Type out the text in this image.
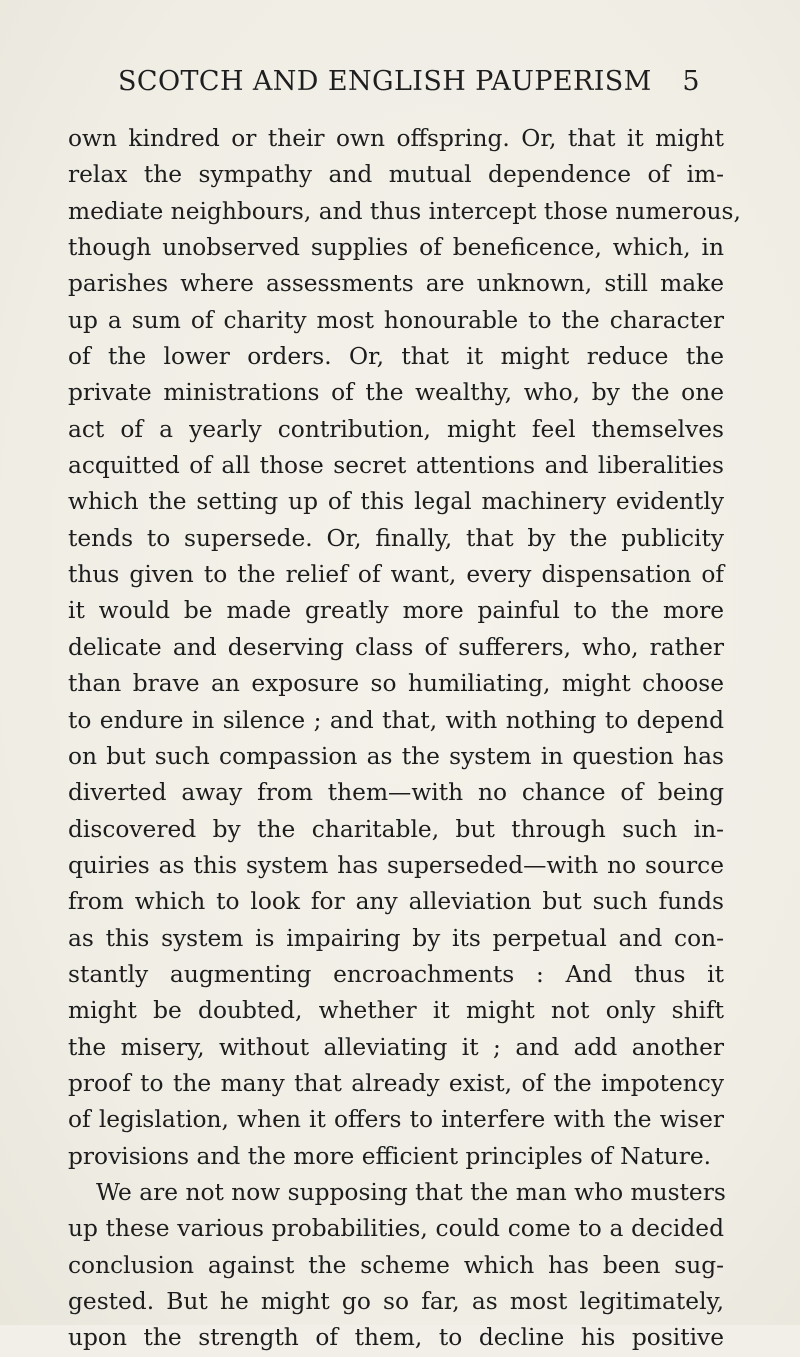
SCOTCH AND ENGLISH PAUPERISM 5
own kindred or their own offspring. Or, that it might
relax the sympathy and mutual dependence of im-
mediate neighbours, and thus intercept those numerous,
though unobserved supplies of beneficence, which, in
parishes where assessments are unknown, still make
up a sum of charity most honourable to the character
of the lower orders. Or, that it might reduce the
private ministrations of the wealthy, who, by the one
act of a yearly contribution, might feel themselves
acquitted of all those secret attentions and liberalities
which the setting up of this legal machinery evidently
tends to supersede. Or, finally, that by the publicity
thus given to the relief of want, every dispensation of
it would be made greatly more painful to the more
delicate and deserving class of sufferers, who, rather
than brave an exposure so humiliating, might choose
to endure in silence ; and that, with nothing to depend
on but such compassion as the system in question has
diverted away from them—with no chance of being
discovered by the charitable, but through such in-
quiries as this system has superseded—with no source
from which to look for any alleviation but such funds
as this system is impairing by its perpetual and con-
stantly augmenting encroachments : And thus it
might be doubted, whether it might not only shift
the misery, without alleviating it ; and add another
proof to the many that already exist, of the impotency
of legislation, when it offers to interfere with the wiser
provisions and the more efficient principles of Nature.
We are not now supposing that the man who musters
up these various probabilities, could come to a decided
conclusion against the scheme which has been sug-
gested. But he might go so far, as most legitimately,
upon the strength of them, to decline his positive
